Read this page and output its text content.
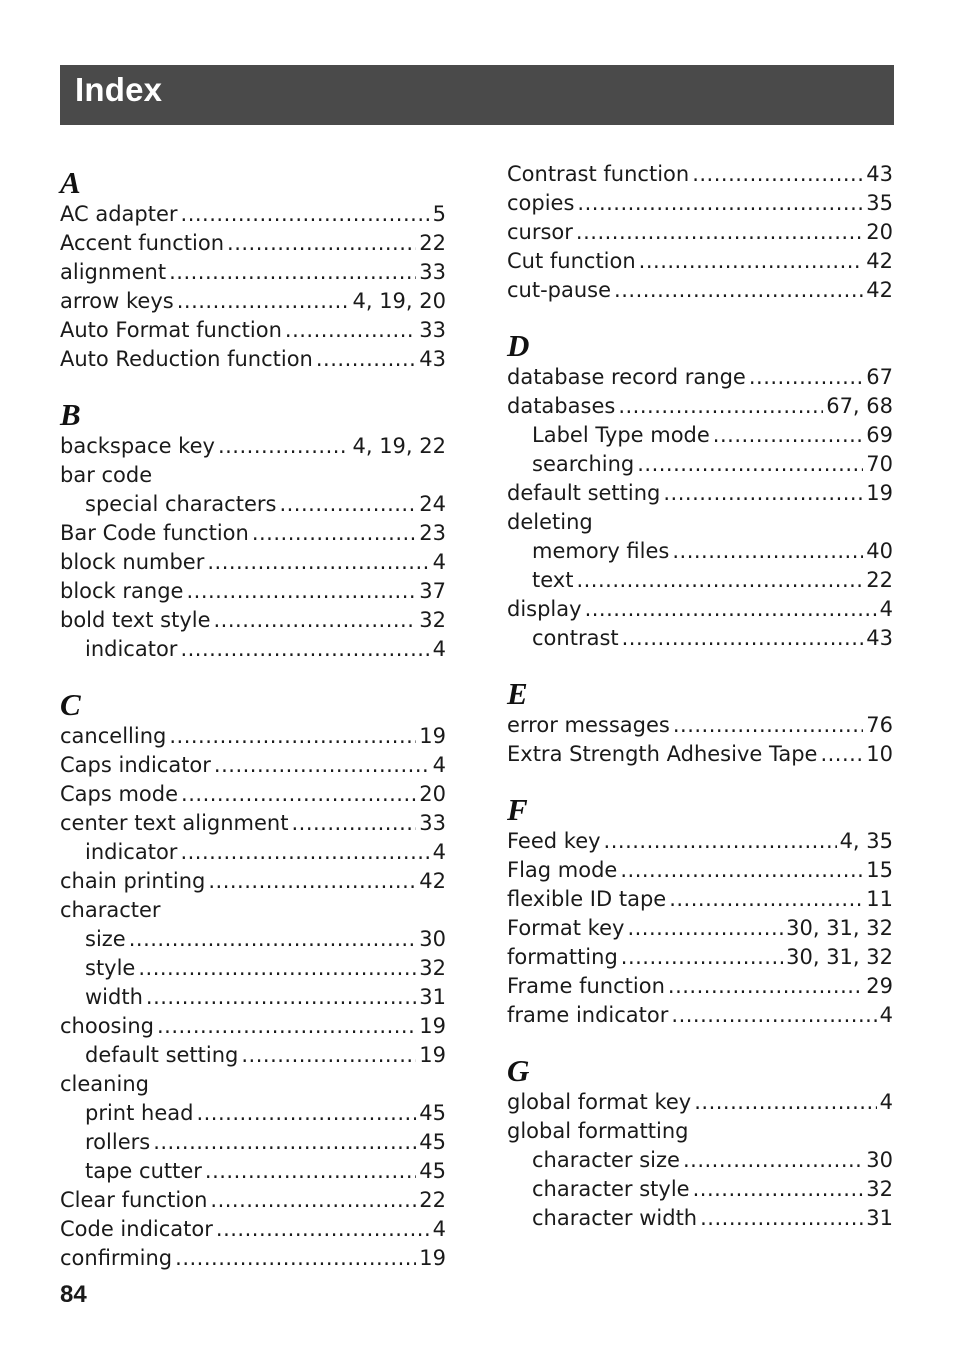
Index
A
AC adapter .....	5
Accent function .....	22
alignment .....	33
arrow keys .....	4, 19, 20
Auto Format function .....	33
Auto Reduction function .....	43
B
backspace key .....	4, 19, 22
bar code
special characters .....	24
Bar Code function .....	23
block number .....	4
block range .....	37
bold text style .....	32
indicator .....	4
C
cancelling .....	19
Caps indicator .....	4
Caps mode .....	20
center text alignment .....	33
indicator .....	4
chain printing .....	42
character
size .....	30
style .....	32
width .....	31
choosing .....	19
default setting .....	19
cleaning
print head .....	45
rollers .....	45
tape cutter .....	45
Clear function .....	22
Code indicator .....	4
confirming .....	19
Contrast function .....	43
copies .....	35
cursor .....	20
Cut function .....	42
cut-pause .....	42
D
database record range .....	67
databases .....	67, 68
Label Type mode .....	69
searching .....	70
default setting .....	19
deleting
memory files .....	40
text .....	22
display .....	4
contrast .....	43
E
error messages .....	76
Extra Strength Adhesive Tape ..... 10
F
Feed key .....	4, 35
Flag mode .....	15
flexible ID tape .....	11
Format key .....	30, 31, 32
formatting .....	30, 31, 32
Frame function .....	29
frame indicator .....	4
G
global format key .....	4
global formatting
character size .....	30
character style .....	32
character width .....	31
84
